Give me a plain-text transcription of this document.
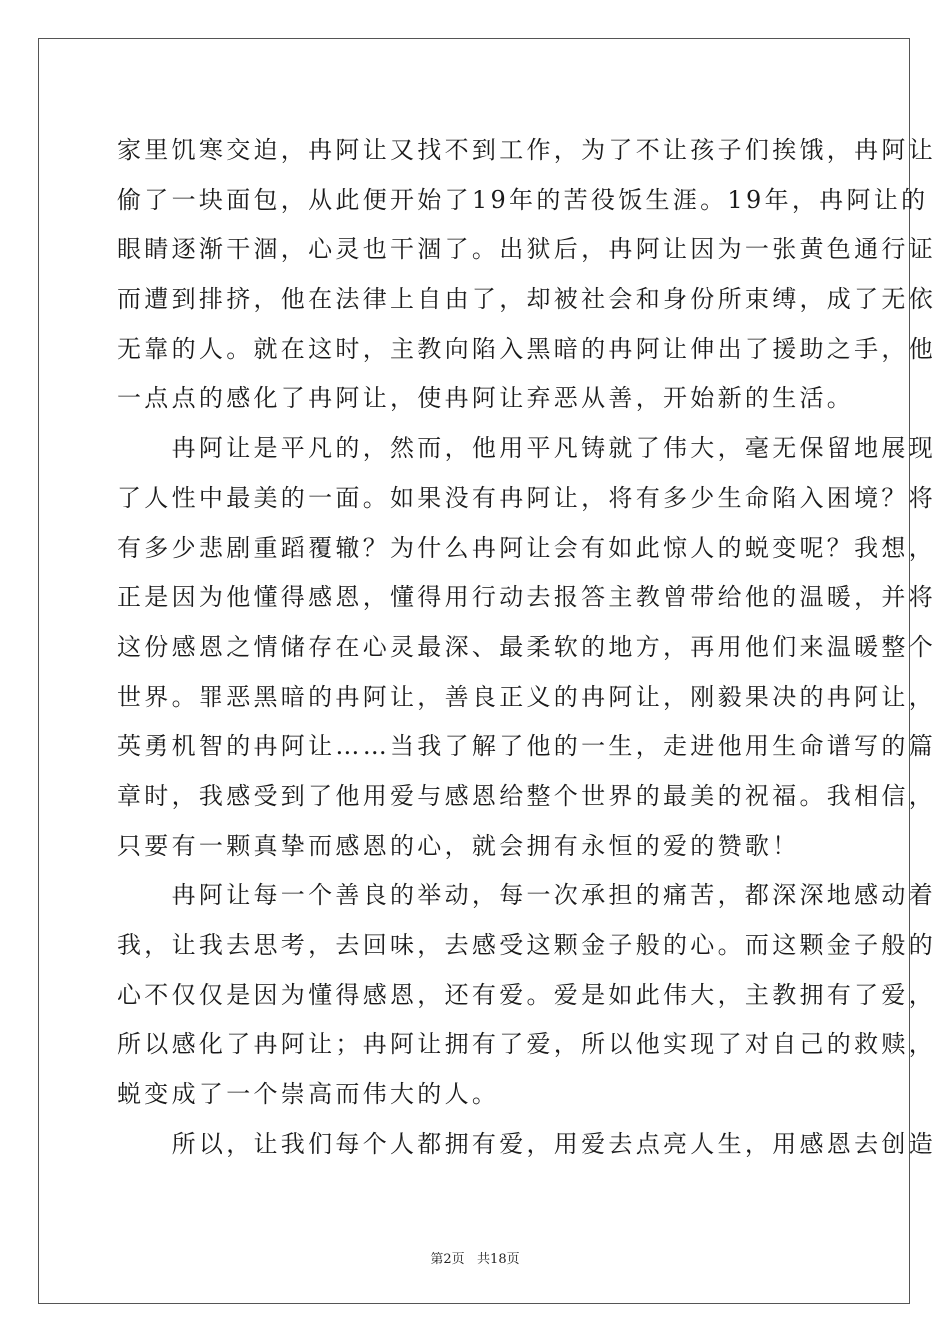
家里饥寒交迫，冉阿让又找不到工作，为了不让孩子们挨饿，冉阿让
偷了一块面包，从此便开始了19年的苦役饭生涯。19年，冉阿让的
眼睛逐渐干涸，心灵也干涸了。出狱后，冉阿让因为一张黄色通行证
而遭到排挤，他在法律上自由了，却被社会和身份所束缚，成了无依
无靠的人。就在这时，主教向陷入黑暗的冉阿让伸出了援助之手，他
一点点的感化了冉阿让，使冉阿让弃恶从善，开始新的生活。
　　冉阿让是平凡的，然而，他用平凡铸就了伟大，毫无保留地展现
了人性中最美的一面。如果没有冉阿让，将有多少生命陷入困境？将
有多少悲剧重蹈覆辙？为什么冉阿让会有如此惊人的蜕变呢？我想，
正是因为他懂得感恩，懂得用行动去报答主教曾带给他的温暖，并将
这份感恩之情储存在心灵最深、最柔软的地方，再用他们来温暖整个
世界。罪恶黑暗的冉阿让，善良正义的冉阿让，刚毅果决的冉阿让，
英勇机智的冉阿让……当我了解了他的一生，走进他用生命谱写的篇
章时，我感受到了他用爱与感恩给整个世界的最美的祝福。我相信，
只要有一颗真挚而感恩的心，就会拥有永恒的爱的赞歌！
　　冉阿让每一个善良的举动，每一次承担的痛苦，都深深地感动着
我，让我去思考，去回味，去感受这颗金子般的心。而这颗金子般的
心不仅仅是因为懂得感恩，还有爱。爱是如此伟大，主教拥有了爱，
所以感化了冉阿让；冉阿让拥有了爱，所以他实现了对自己的救赎，
蜕变成了一个崇高而伟大的人。
　　所以，让我们每个人都拥有爱，用爱去点亮人生，用感恩去创造
第2页   共18页
